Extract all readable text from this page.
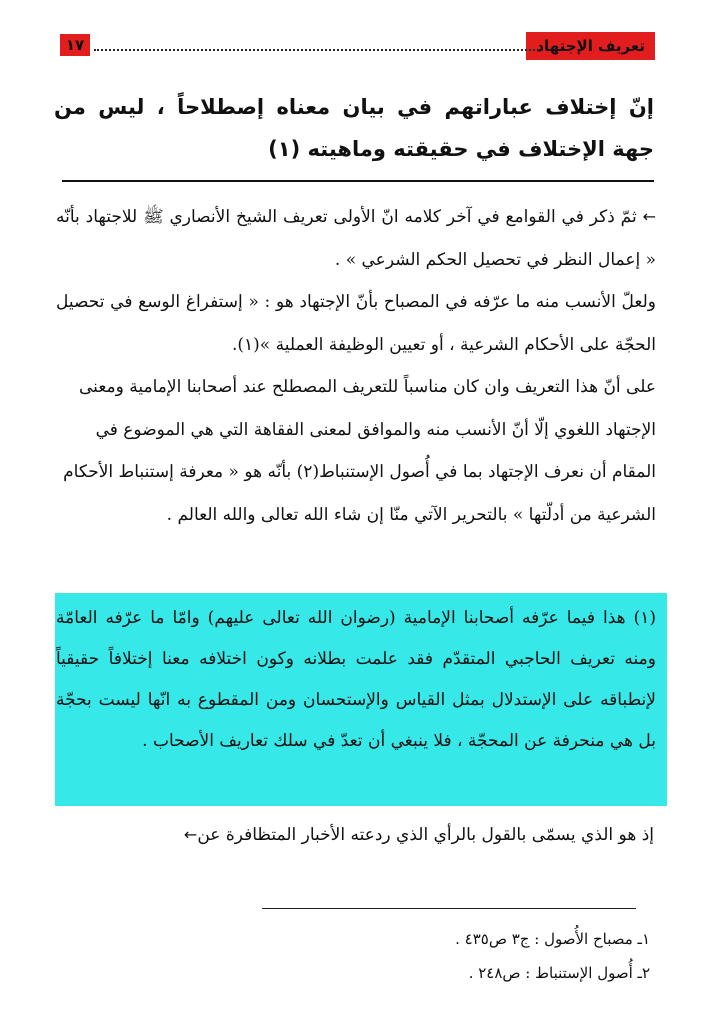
تعريف الإجتهاد
١٧
إنّ إختلاف عباراتهم في بيان معناه إصطلاحاً ، ليس من جهة الإختلاف في حقيقته وماهيته (١)

← ثمّ ذكر في القوامع في آخر كلامه انّ الأولى تعريف الشيخ الأنصاري ﷺ للاجتهاد بأنّه « إعمال النظر في تحصيل الحكم الشرعي » .

ولعلّ الأنسب منه ما عرّفه في المصباح بأنّ الإجتهاد هو : « إستفراغ الوسع في تحصيل الحجّة على الأحكام الشرعية ، أو تعيين الوظيفة العملية »(١).

على أنّ هذا التعريف وان كان مناسباً للتعريف المصطلح عند أصحابنا الإمامية ومعنى الإجتهاد اللغوي إلّا أنّ الأنسب منه والموافق لمعنى الفقاهة التي هي الموضوع في المقام أن نعرف الإجتهاد بما في أُصول الإستنباط(٢) بأنّه هو « معرفة إستنباط الأحكام الشرعية من أدلّتها » بالتحرير الآتي منّا إن شاء الله تعالى والله العالم .

(١) هذا فيما عرّفه أصحابنا الإمامية (رضوان الله تعالى عليهم) وامّا ما عرّفه العامّة ومنه تعريف الحاجبي المتقدّم فقد علمت بطلانه وكون اختلافه معنا إختلافاً حقيقياً لإنطباقه على الإستدلال بمثل القياس والإستحسان ومن المقطوع به انّها ليست بحجّة بل هي منحرفة عن المحجّة ، فلا ينبغي أن تعدّ في سلك تعاريف الأصحاب .
إذ هو الذي يسمّى بالقول بالرأي الذي ردعته الأخبار المتظافرة عن←
١ـ مصباح الأُصول : ج٣ ص٤٣٥ .
٢ـ أُصول الإستنباط : ص٢٤٨ .
